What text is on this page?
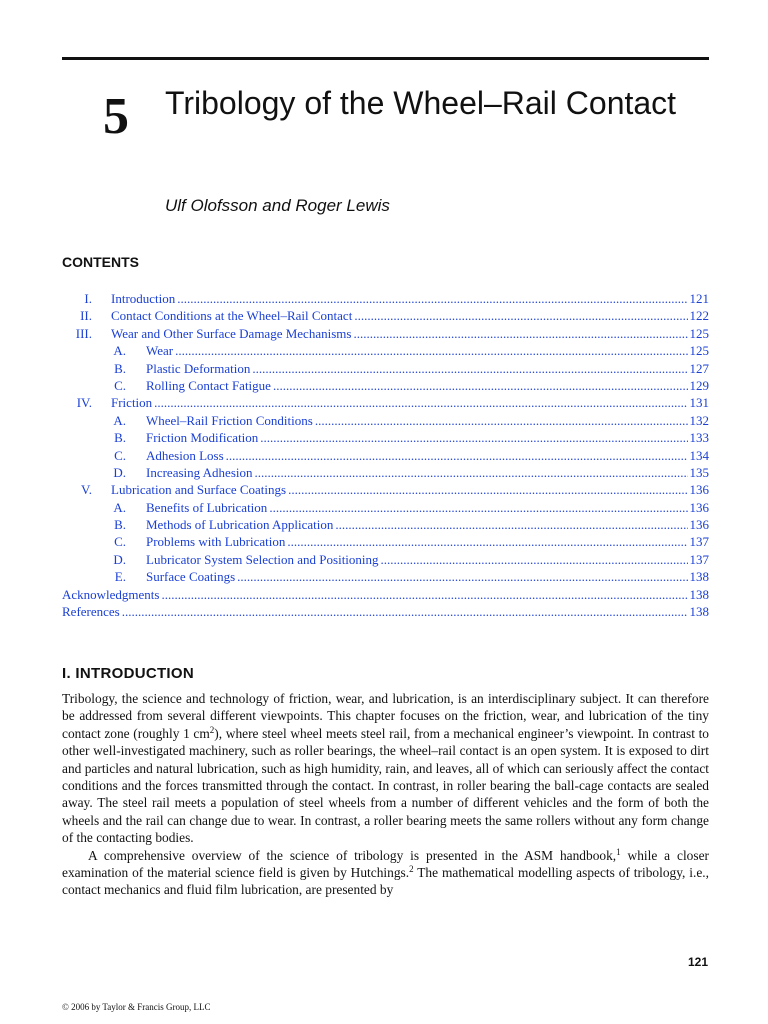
5 Tribology of the Wheel–Rail Contact
Ulf Olofsson and Roger Lewis
CONTENTS
I. Introduction .....	121
II. Contact Conditions at the Wheel–Rail Contact .....	122
III. Wear and Other Surface Damage Mechanisms .....	125
A. Wear .....	125
B. Plastic Deformation .....	127
C. Rolling Contact Fatigue .....	129
IV. Friction .....	131
A. Wheel–Rail Friction Conditions .....	132
B. Friction Modification .....	133
C. Adhesion Loss .....	134
D. Increasing Adhesion .....	135
V. Lubrication and Surface Coatings .....	136
A. Benefits of Lubrication .....	136
B. Methods of Lubrication Application .....	136
C. Problems with Lubrication .....	137
D. Lubricator System Selection and Positioning .....	137
E. Surface Coatings .....	138
Acknowledgments .....	138
References .....	138
I. INTRODUCTION

Tribology, the science and technology of friction, wear, and lubrication, is an interdisciplinary subject. It can therefore be addressed from several different viewpoints. This chapter focuses on the friction, wear, and lubrication of the tiny contact zone (roughly 1 $cm^2$), where steel wheel meets steel rail, from a mechanical engineer’s viewpoint. In contrast to other well-investigated machinery, such as roller bearings, the wheel–rail contact is an open system. It is exposed to dirt and particles and natural lubrication, such as high humidity, rain, and leaves, all of which can seriously affect the contact conditions and the forces transmitted through the contact. In contrast, in roller bearing the ball-cage contacts are sealed away. The steel rail meets a population of steel wheels from a number of different vehicles and the form of both the wheels and the rail can change due to wear. In contrast, a roller bearing meets the same rollers without any form change of the contacting bodies.

A comprehensive overview of the science of tribology is presented in the ASM handbook,$^1$ while a closer examination of the material science field is given by Hutchings.$^2$ The mathematical modelling aspects of tribology, i.e., contact mechanics and fluid film lubrication, are presented by

121
© 2006 by Taylor & Francis Group, LLC
